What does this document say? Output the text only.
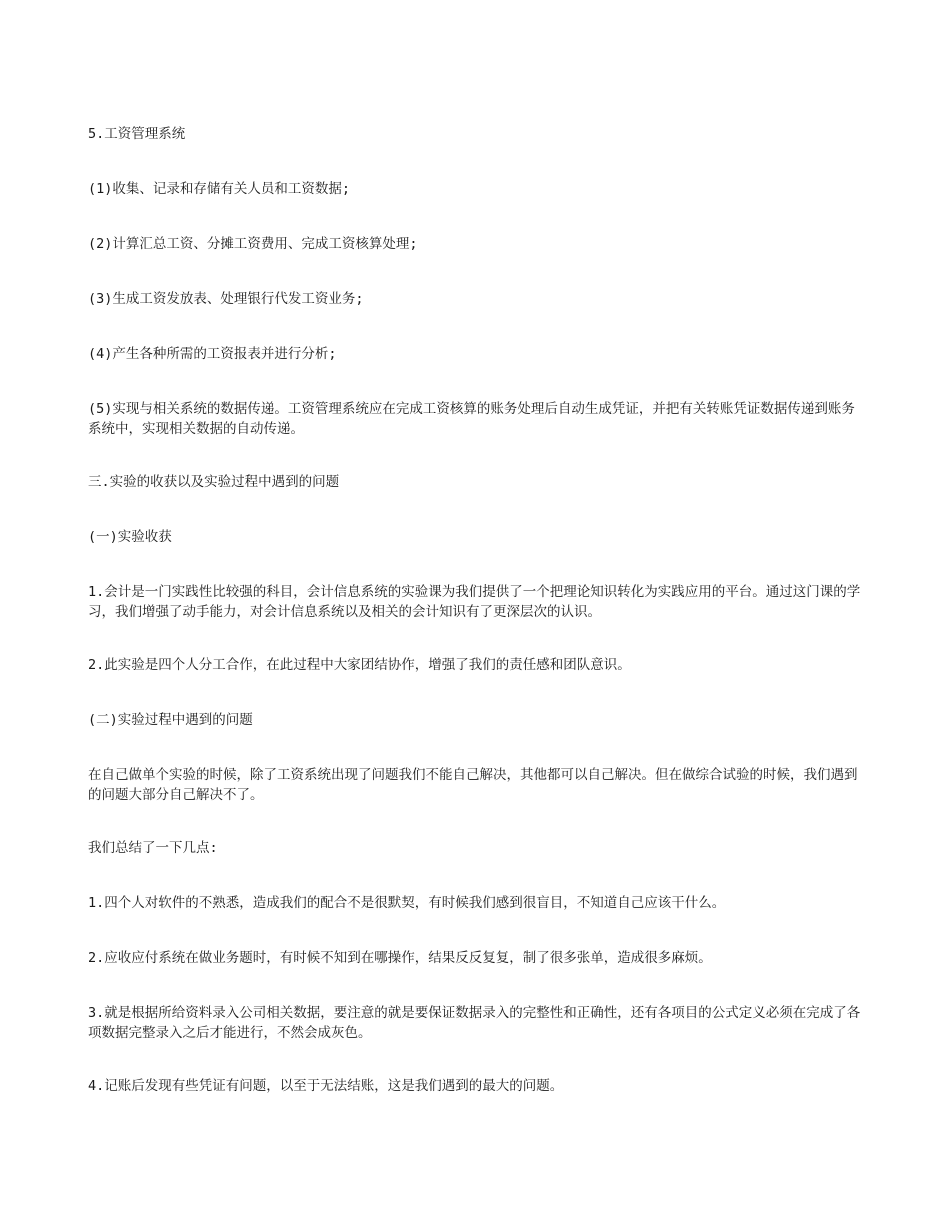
5.工资管理系统

(1)收集、记录和存储有关人员和工资数据;

(2)计算汇总工资、分摊工资费用、完成工资核算处理;

(3)生成工资发放表、处理银行代发工资业务;

(4)产生各种所需的工资报表并进行分析;

(5)实现与相关系统的数据传递。工资管理系统应在完成工资核算的账务处理后自动生成凭证，并把有关转账凭证数据传递到账务系统中，实现相关数据的自动传递。

三.实验的收获以及实验过程中遇到的问题

(一)实验收获

1.会计是一门实践性比较强的科目，会计信息系统的实验课为我们提供了一个把理论知识转化为实践应用的平台。通过这门课的学习，我们增强了动手能力，对会计信息系统以及相关的会计知识有了更深层次的认识。

2.此实验是四个人分工合作，在此过程中大家团结协作，增强了我们的责任感和团队意识。

(二)实验过程中遇到的问题

在自己做单个实验的时候，除了工资系统出现了问题我们不能自己解决，其他都可以自己解决。但在做综合试验的时候，我们遇到的问题大部分自己解决不了。

我们总结了一下几点:

1.四个人对软件的不熟悉，造成我们的配合不是很默契，有时候我们感到很盲目，不知道自己应该干什么。

2.应收应付系统在做业务题时，有时候不知到在哪操作，结果反反复复，制了很多张单，造成很多麻烦。

3.就是根据所给资料录入公司相关数据，要注意的就是要保证数据录入的完整性和正确性，还有各项目的公式定义必须在完成了各项数据完整录入之后才能进行，不然会成灰色。

4.记账后发现有些凭证有问题，以至于无法结账，这是我们遇到的最大的问题。
